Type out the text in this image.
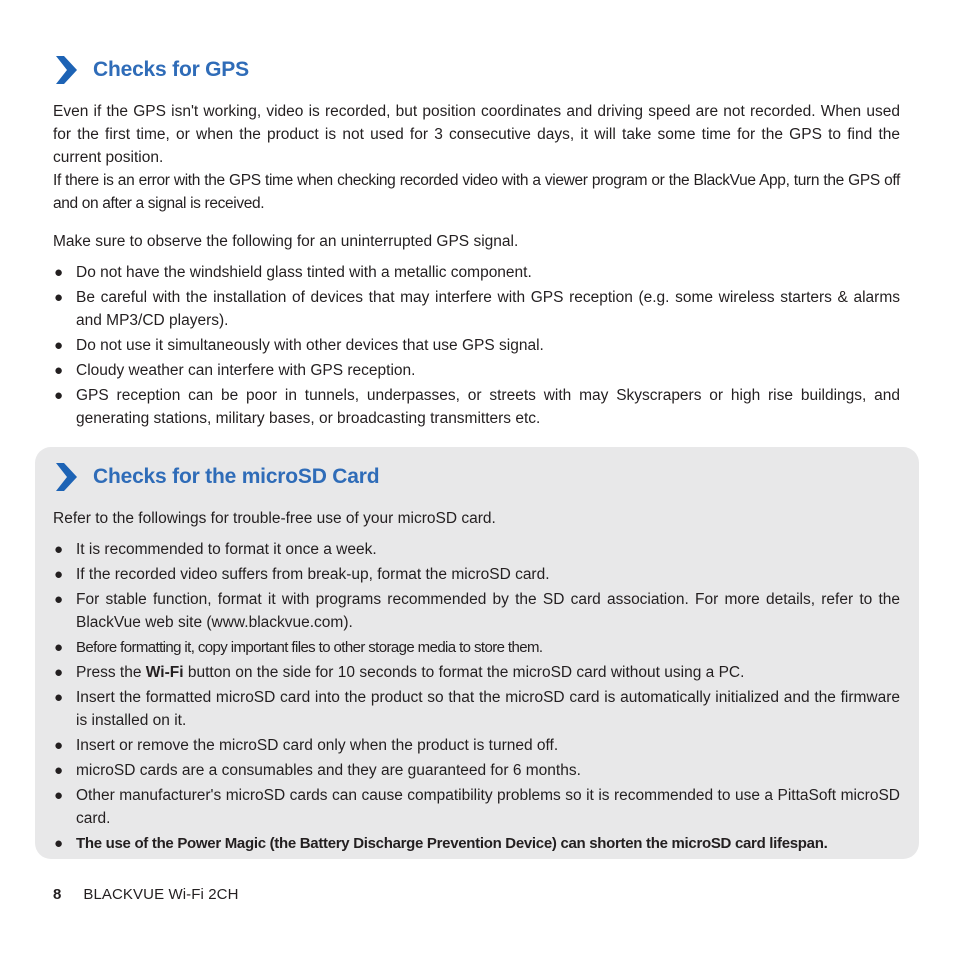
Checks for GPS

Even if the GPS isn't working, video is recorded, but position coordinates and driving speed are not recorded. When used for the first time, or when the product is not used for 3 consecutive days, it will take some time for the GPS to find the current position.

If there is an error with the GPS time when checking recorded video with a viewer program or the BlackVue App, turn the GPS off and on after a signal is received.

Make sure to observe the following for an uninterrupted GPS signal.

● Do not have the windshield glass tinted with a metallic component.
● Be careful with the installation of devices that may interfere with GPS reception (e.g. some wireless starters & alarms and MP3/CD players).
● Do not use it simultaneously with other devices that use GPS signal.
● Cloudy weather can interfere with GPS reception.
● GPS reception can be poor in tunnels, underpasses, or streets with may Skyscrapers or high rise buildings, and generating stations, military bases, or broadcasting transmitters etc.
Checks for the microSD Card

Refer to the followings for trouble-free use of your microSD card.

● It is recommended to format it once a week.
● If the recorded video suffers from break-up, format the microSD card.
● For stable function, format it with programs recommended by the SD card association. For more details, refer to the BlackVue web site (www.blackvue.com).
● Before formatting it, copy important files to other storage media to store them.
● Press the Wi-Fi button on the side for 10 seconds to format the microSD card without using a PC.
● Insert the formatted microSD card into the product so that the microSD card is automatically initialized and the firmware is installed on it.
● Insert or remove the microSD card only when the product is turned off.
● microSD cards are a consumables and they are guaranteed for 6 months.
● Other manufacturer's microSD cards can cause compatibility problems so it is recommended to use a PittaSoft microSD card.
● The use of the Power Magic (the Battery Discharge Prevention Device) can shorten the microSD card lifespan.
8 BLACKVUE Wi-Fi 2CH
